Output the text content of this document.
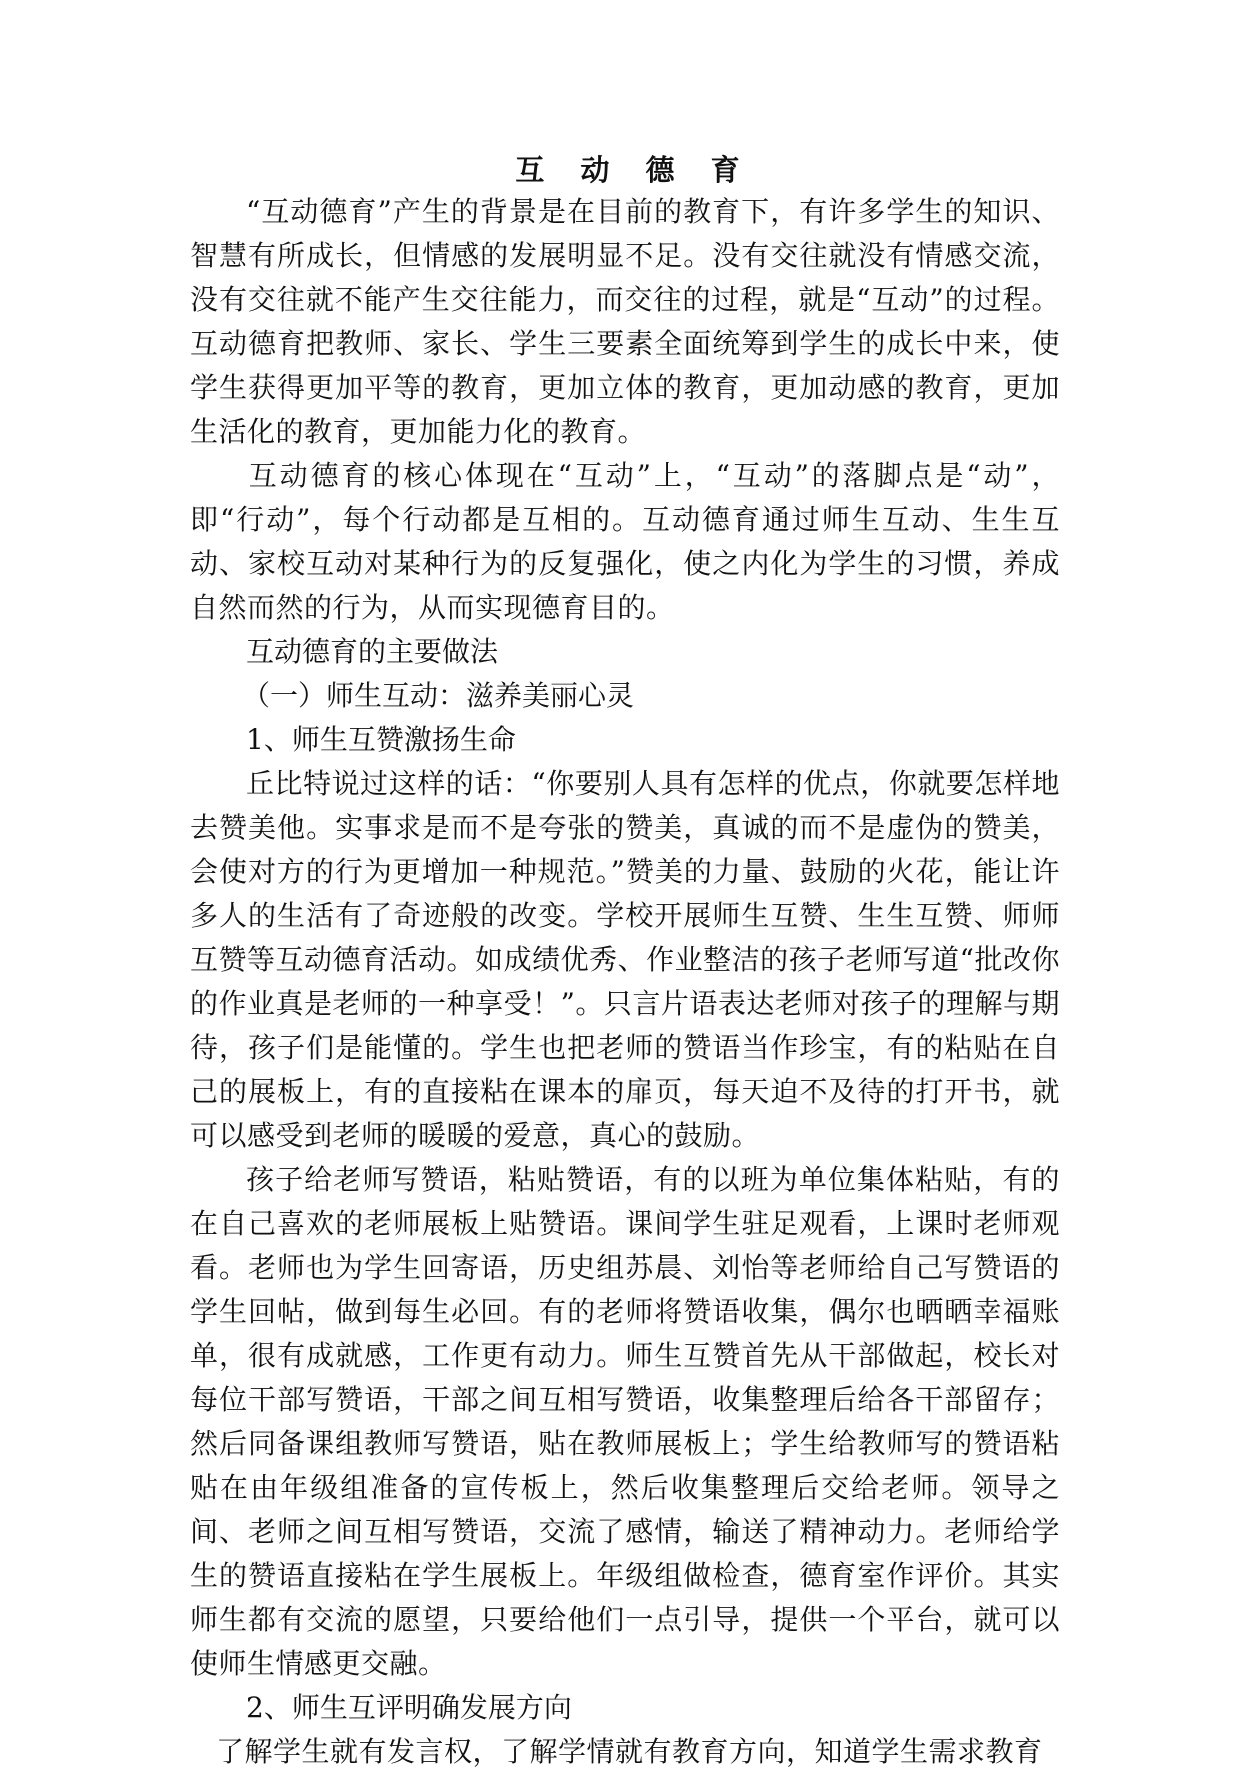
互 动 德 育

“互动德育”产生的背景是在目前的教育下，有许多学生的知识、智慧有所成长，但情感的发展明显不足。没有交往就没有情感交流，没有交往就不能产生交往能力，而交往的过程，就是“互动”的过程。互动德育把教师、家长、学生三要素全面统筹到学生的成长中来，使学生获得更加平等的教育，更加立体的教育，更加动感的教育，更加生活化的教育，更加能力化的教育。

互动德育的核心体现在“互动”上，“互动”的落脚点是“动”，即“行动”，每个行动都是互相的。互动德育通过师生互动、生生互动、家校互动对某种行为的反复强化，使之内化为学生的习惯，养成自然而然的行为，从而实现德育目的。

互动德育的主要做法

（一）师生互动：滋养美丽心灵

1、师生互赞激扬生命

丘比特说过这样的话：“你要别人具有怎样的优点，你就要怎样地去赞美他。实事求是而不是夸张的赞美，真诚的而不是虚伪的赞美，会使对方的行为更增加一种规范。”赞美的力量、鼓励的火花，能让许多人的生活有了奇迹般的改变。学校开展师生互赞、生生互赞、师师互赞等互动德育活动。如成绩优秀、作业整洁的孩子老师写道“批改你的作业真是老师的一种享受！”。只言片语表达老师对孩子的理解与期待，孩子们是能懂的。学生也把老师的赞语当作珍宝，有的粘贴在自己的展板上，有的直接粘在课本的扉页，每天迫不及待的打开书，就可以感受到老师的暖暖的爱意，真心的鼓励。

孩子给老师写赞语，粘贴赞语，有的以班为单位集体粘贴，有的在自己喜欢的老师展板上贴赞语。课间学生驻足观看，上课时老师观看。老师也为学生回寄语，历史组苏晨、刘怡等老师给自己写赞语的学生回帖，做到每生必回。有的老师将赞语收集，偶尔也晒晒幸福账单，很有成就感，工作更有动力。师生互赞首先从干部做起，校长对每位干部写赞语，干部之间互相写赞语，收集整理后给各干部留存；然后同备课组教师写赞语，贴在教师展板上；学生给教师写的赞语粘贴在由年级组准备的宣传板上，然后收集整理后交给老师。领导之间、老师之间互相写赞语，交流了感情，输送了精神动力。老师给学生的赞语直接粘在学生展板上。年级组做检查，德育室作评价。其实师生都有交流的愿望，只要给他们一点引导，提供一个平台，就可以使师生情感更交融。

2、师生互评明确发展方向

了解学生就有发言权，了解学情就有教育方向，知道学生需求教育
